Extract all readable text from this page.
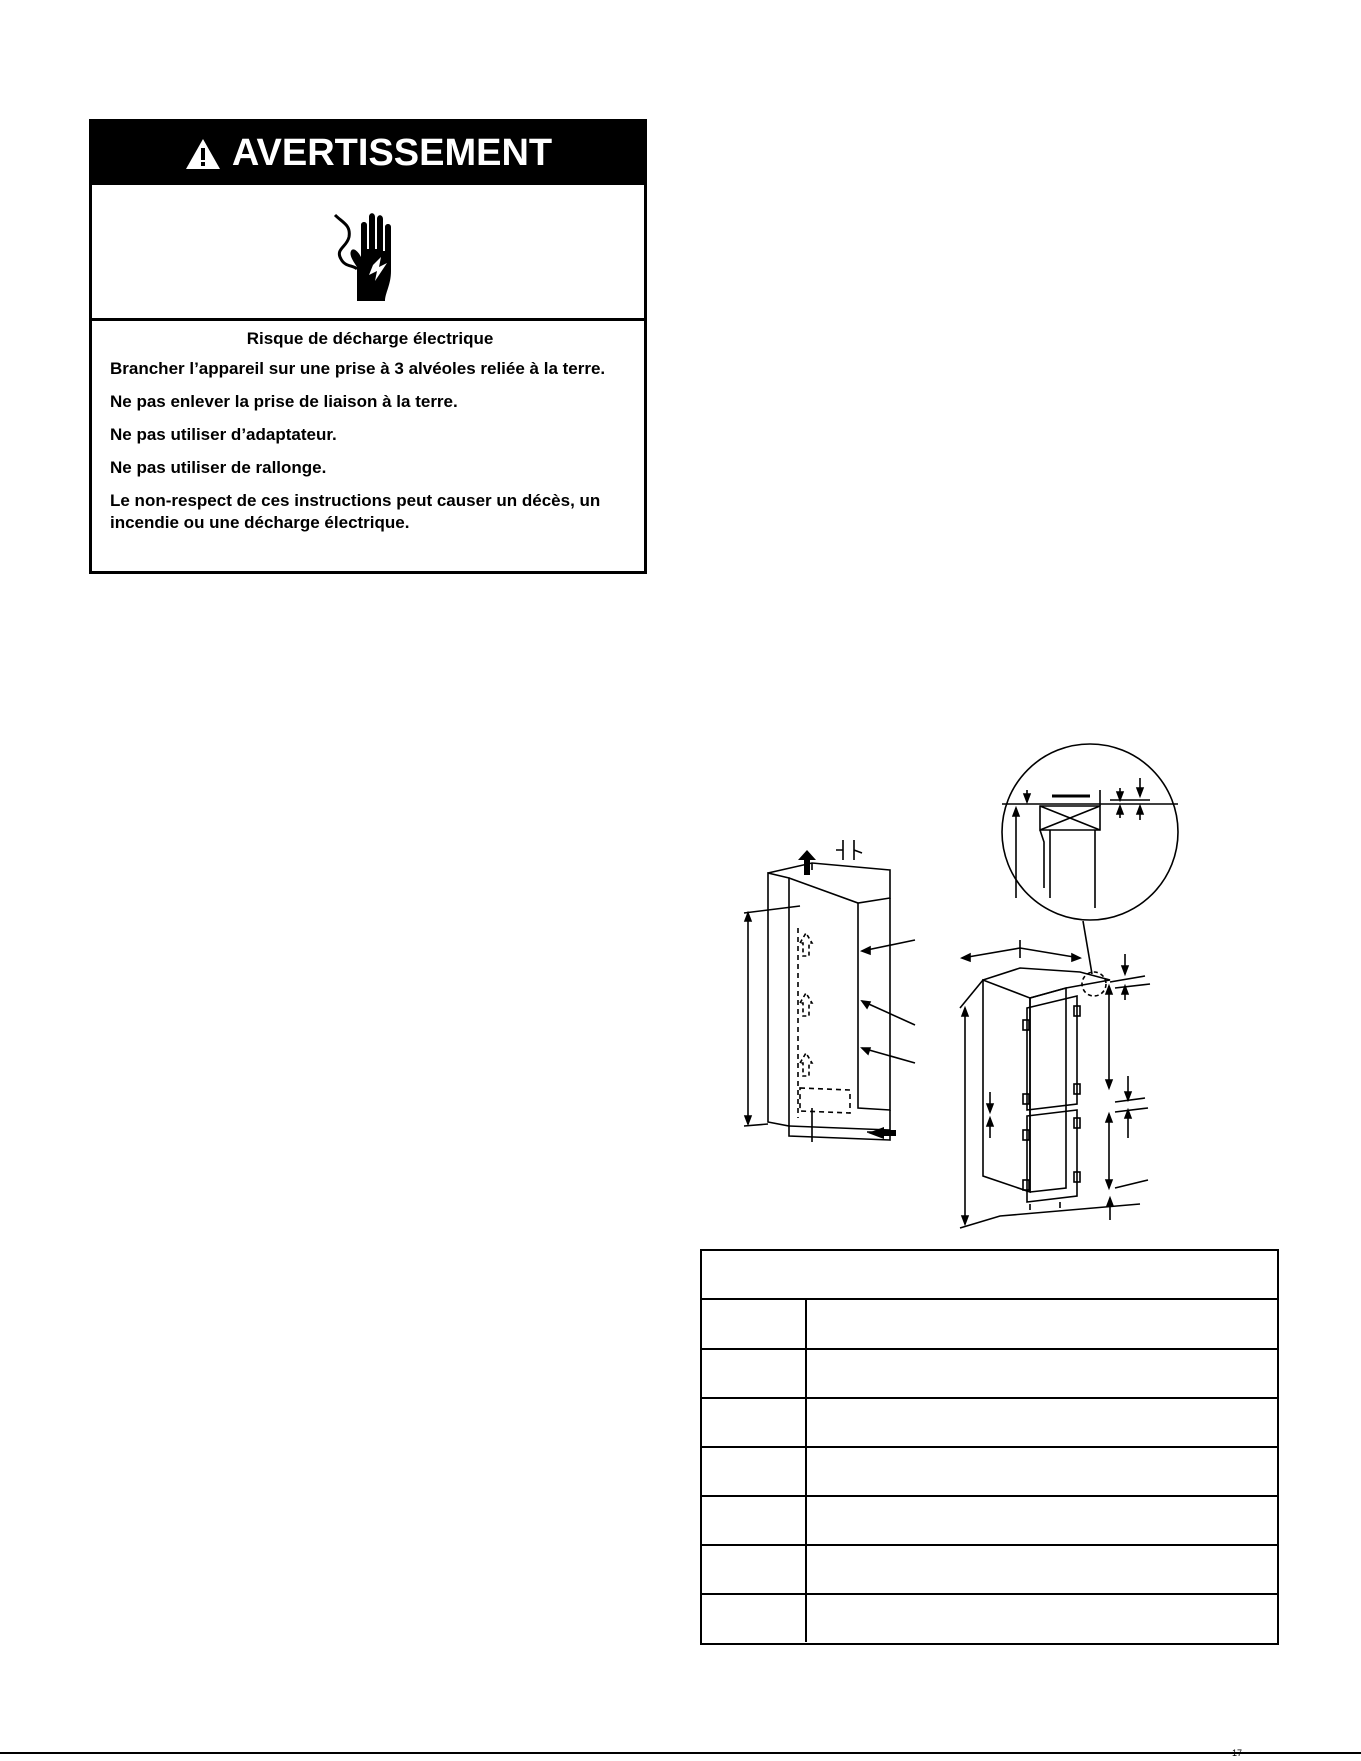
AVERTISSEMENT
Risque de décharge électrique
Brancher l’appareil sur une prise à 3 alvéoles reliée à la terre.
Ne pas enlever la prise de liaison à la terre.
Ne pas utiliser d’adaptateur.
Ne pas utiliser de rallonge.
Le non-respect de ces instructions peut causer un décès, un incendie ou une décharge électrique.
17
